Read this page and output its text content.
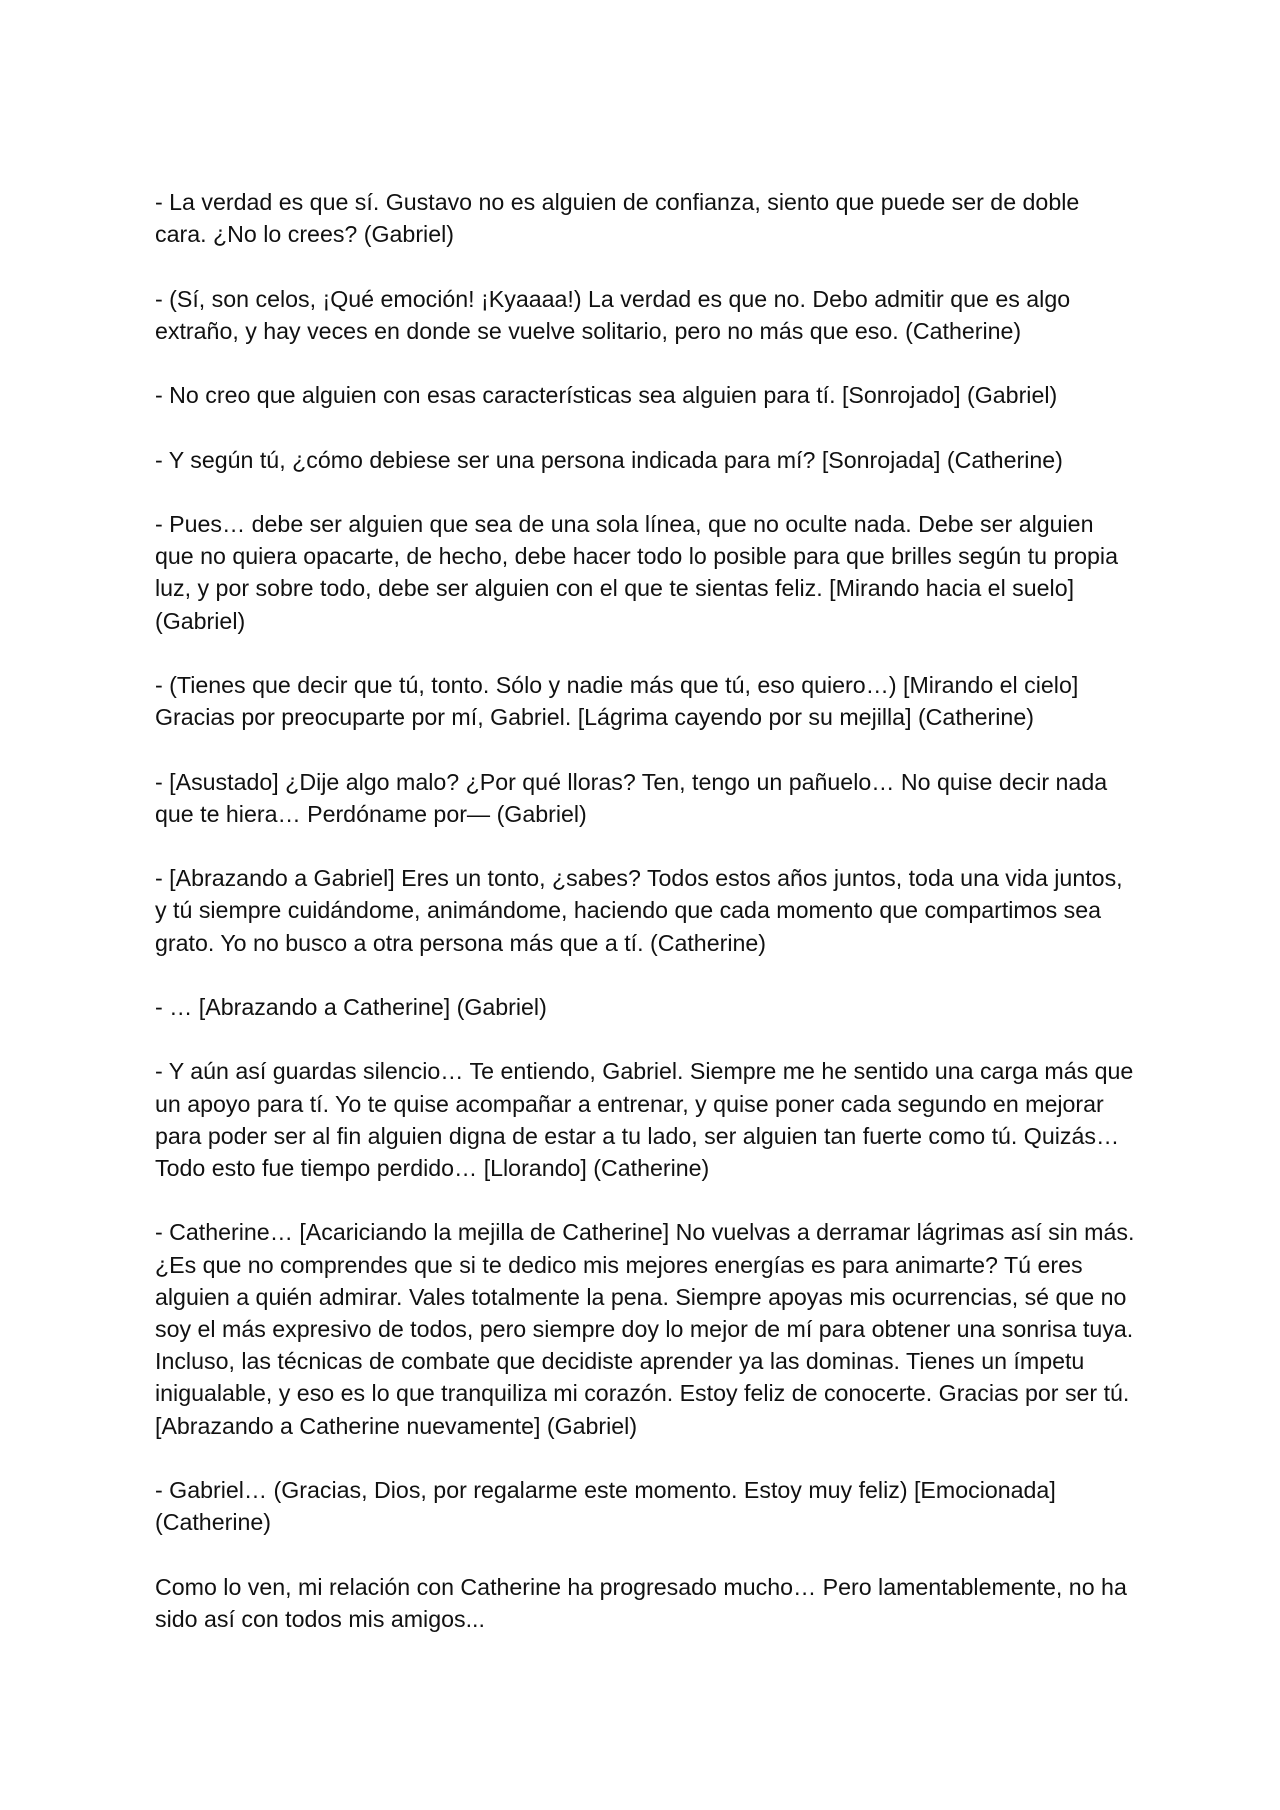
- La verdad es que sí. Gustavo no es alguien de confianza, siento que puede ser de doble cara. ¿No lo crees? (Gabriel)

- (Sí, son celos, ¡Qué emoción! ¡Kyaaaa!) La verdad es que no. Debo admitir que es algo extraño, y hay veces en donde se vuelve solitario, pero no más que eso. (Catherine)

- No creo que alguien con esas características sea alguien para tí. [Sonrojado] (Gabriel)

- Y según tú, ¿cómo debiese ser una persona indicada para mí? [Sonrojada] (Catherine)

- Pues… debe ser alguien que sea de una sola línea, que no oculte nada. Debe ser alguien que no quiera opacarte, de hecho, debe hacer todo lo posible para que brilles según tu propia luz, y por sobre todo, debe ser alguien con el que te sientas feliz. [Mirando hacia el suelo] (Gabriel)

- (Tienes que decir que tú, tonto. Sólo y nadie más que tú, eso quiero…) [Mirando el cielo] Gracias por preocuparte por mí, Gabriel. [Lágrima cayendo por su mejilla] (Catherine)

- [Asustado] ¿Dije algo malo? ¿Por qué lloras? Ten, tengo un pañuelo… No quise decir nada que te hiera… Perdóname por— (Gabriel)

- [Abrazando a Gabriel] Eres un tonto, ¿sabes? Todos estos años juntos, toda una vida juntos, y tú siempre cuidándome, animándome, haciendo que cada momento que compartimos sea grato. Yo no busco a otra persona más que a tí. (Catherine)

- … [Abrazando a Catherine] (Gabriel)

- Y aún así guardas silencio… Te entiendo, Gabriel. Siempre me he sentido una carga más que un apoyo para tí. Yo te quise acompañar a entrenar, y quise poner cada segundo en mejorar para poder ser al fin alguien digna de estar a tu lado, ser alguien tan fuerte como tú. Quizás… Todo esto fue tiempo perdido… [Llorando] (Catherine)

- Catherine… [Acariciando la mejilla de Catherine] No vuelvas a derramar lágrimas así sin más. ¿Es que no comprendes que si te dedico mis mejores energías es para animarte? Tú eres alguien a quién admirar. Vales totalmente la pena. Siempre apoyas mis ocurrencias, sé que no soy el más expresivo de todos, pero siempre doy lo mejor de mí para obtener una sonrisa tuya. Incluso, las técnicas de combate que decidiste aprender ya las dominas. Tienes un ímpetu inigualable, y eso es lo que tranquiliza mi corazón. Estoy feliz de conocerte. Gracias por ser tú. [Abrazando a Catherine nuevamente] (Gabriel)

- Gabriel… (Gracias, Dios, por regalarme este momento. Estoy muy feliz) [Emocionada] (Catherine)

Como lo ven, mi relación con Catherine ha progresado mucho… Pero lamentablemente, no ha sido así con todos mis amigos...
